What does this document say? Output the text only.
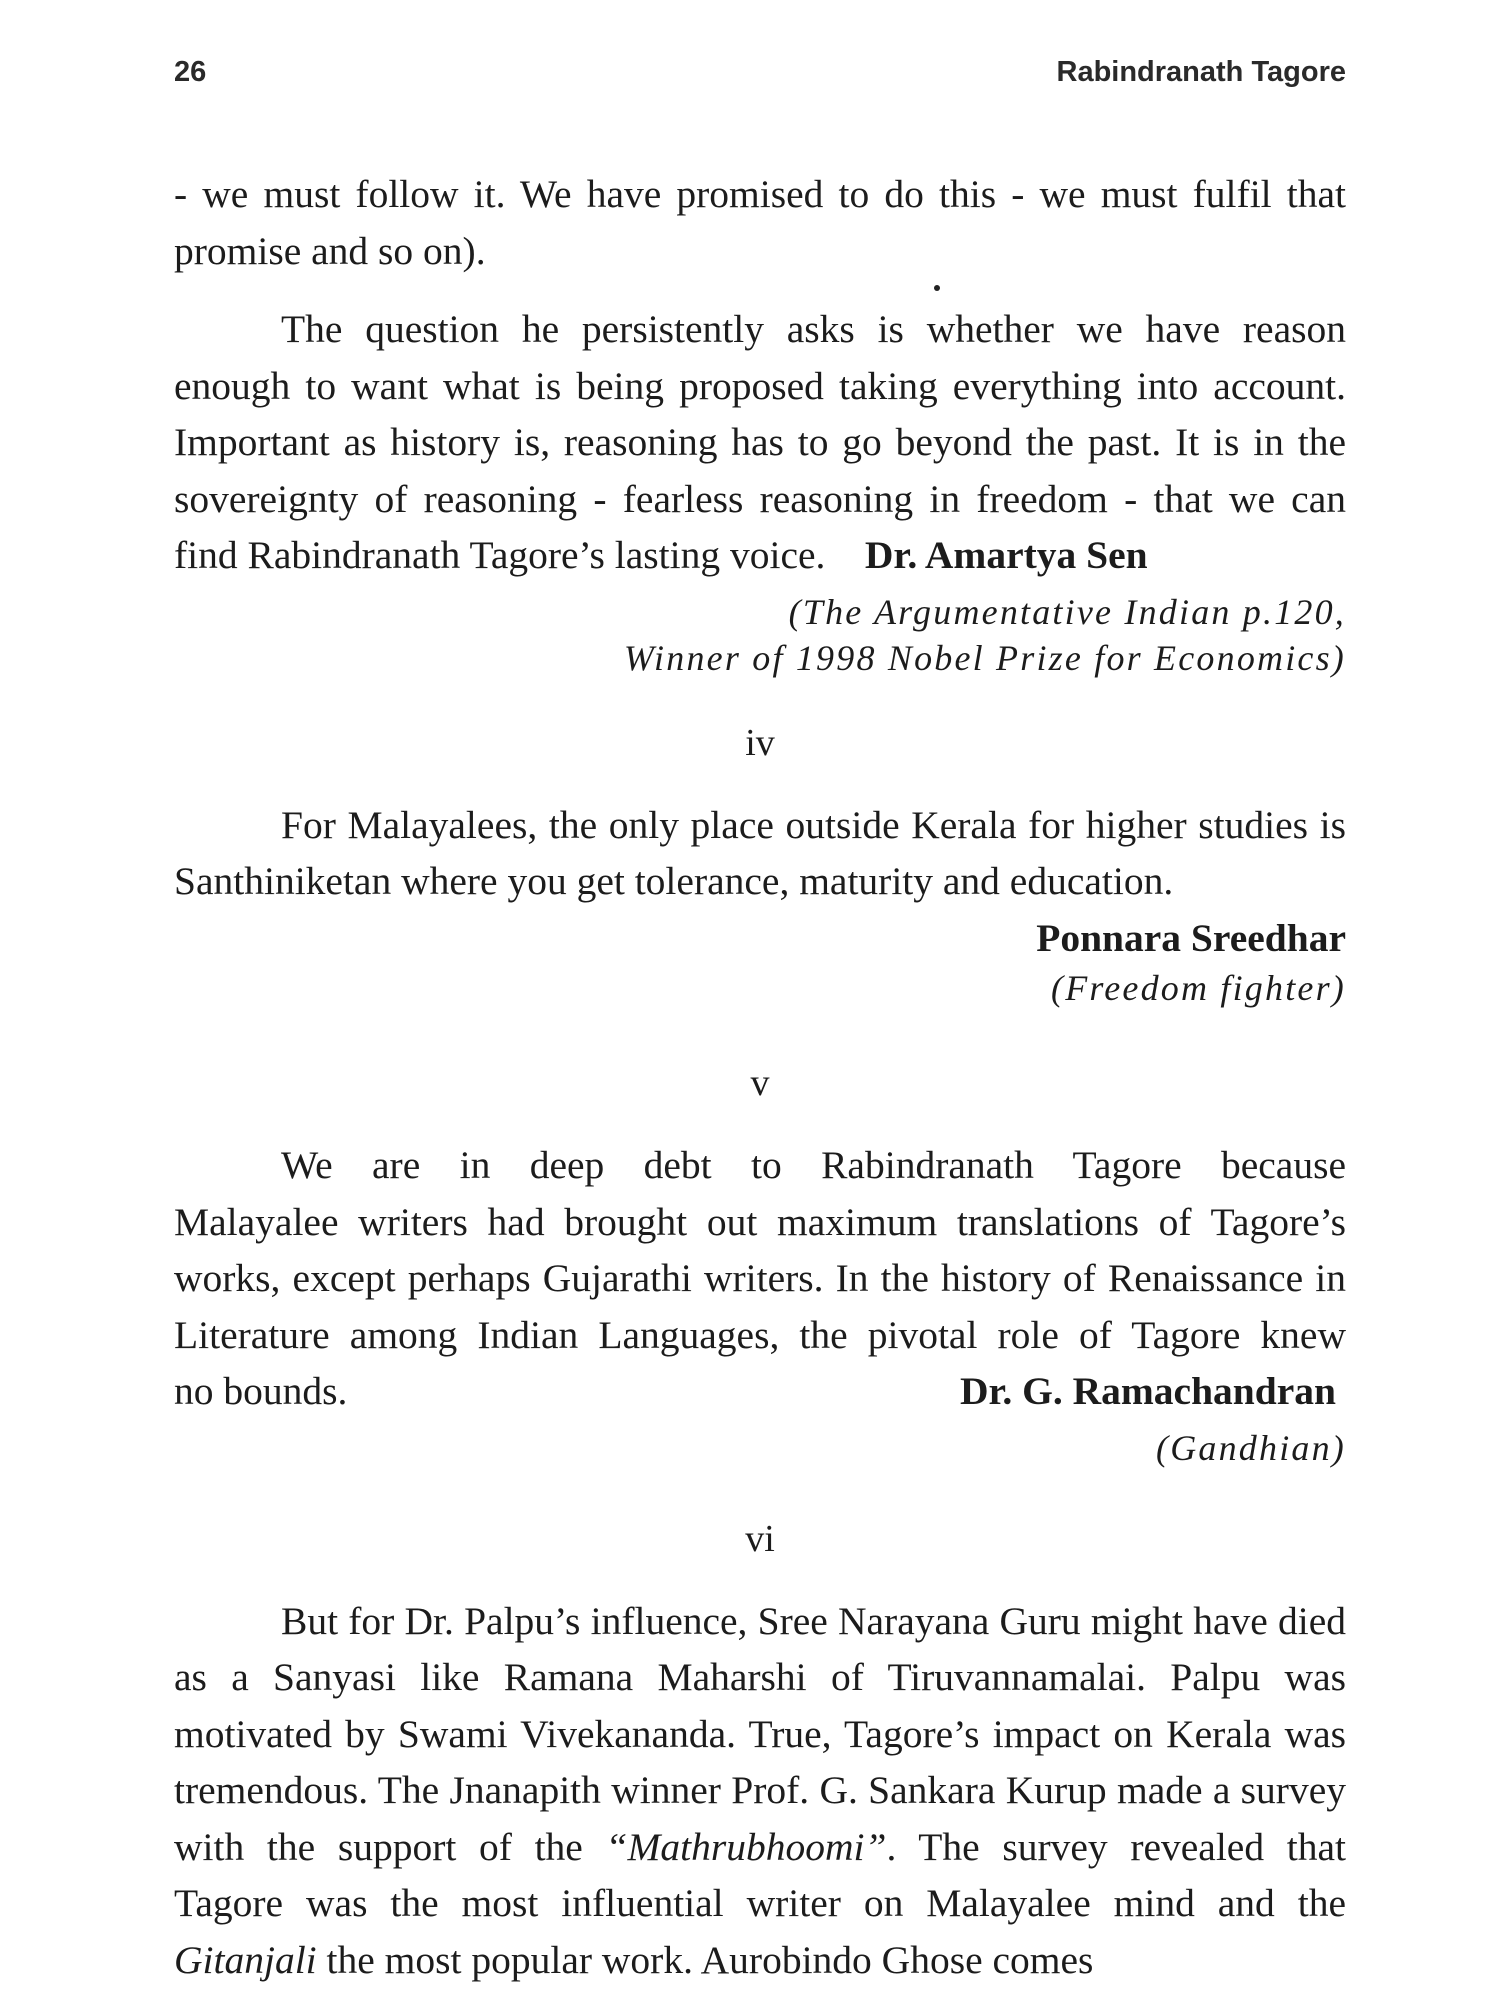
26	Rabindranath Tagore

- we must follow it. We have promised to do this - we must fulfil that promise and so on).

The question he persistently asks is whether we have reason enough to want what is being proposed taking everything into account. Important as history is, reasoning has to go beyond the past. It is in the sovereignty of reasoning - fearless reasoning in freedom - that we can find Rabindranath Tagore’s lasting voice. Dr. Amartya Sen

(The Argumentative Indian p.120,
Winner of 1998 Nobel Prize for Economics)
iv

For Malayalees, the only place outside Kerala for higher studies is Santhiniketan where you get tolerance, maturity and education.

Ponnara Sreedhar
(Freedom fighter)
v

We are in deep debt to Rabindranath Tagore because

Malayalee writers had brought out maximum translations of Tagore’s works, except perhaps Gujarathi writers. In the history of Renaissance in Literature among Indian Languages, the pivotal role of Tagore knew

no bounds.	Dr. G. Ramachandran
(Gandhian)
vi

But for Dr. Palpu’s influence, Sree Narayana Guru might have died as a Sanyasi like Ramana Maharshi of Tiruvannamalai. Palpu was motivated by Swami Vivekananda. True, Tagore’s impact on Kerala was tremendous. The Jnanapith winner Prof. G. Sankara Kurup made a survey with the support of the “Mathrubhoomi”. The survey revealed that Tagore was the most influential writer on Malayalee mind and the Gitanjali the most popular work. Aurobindo Ghose comes
